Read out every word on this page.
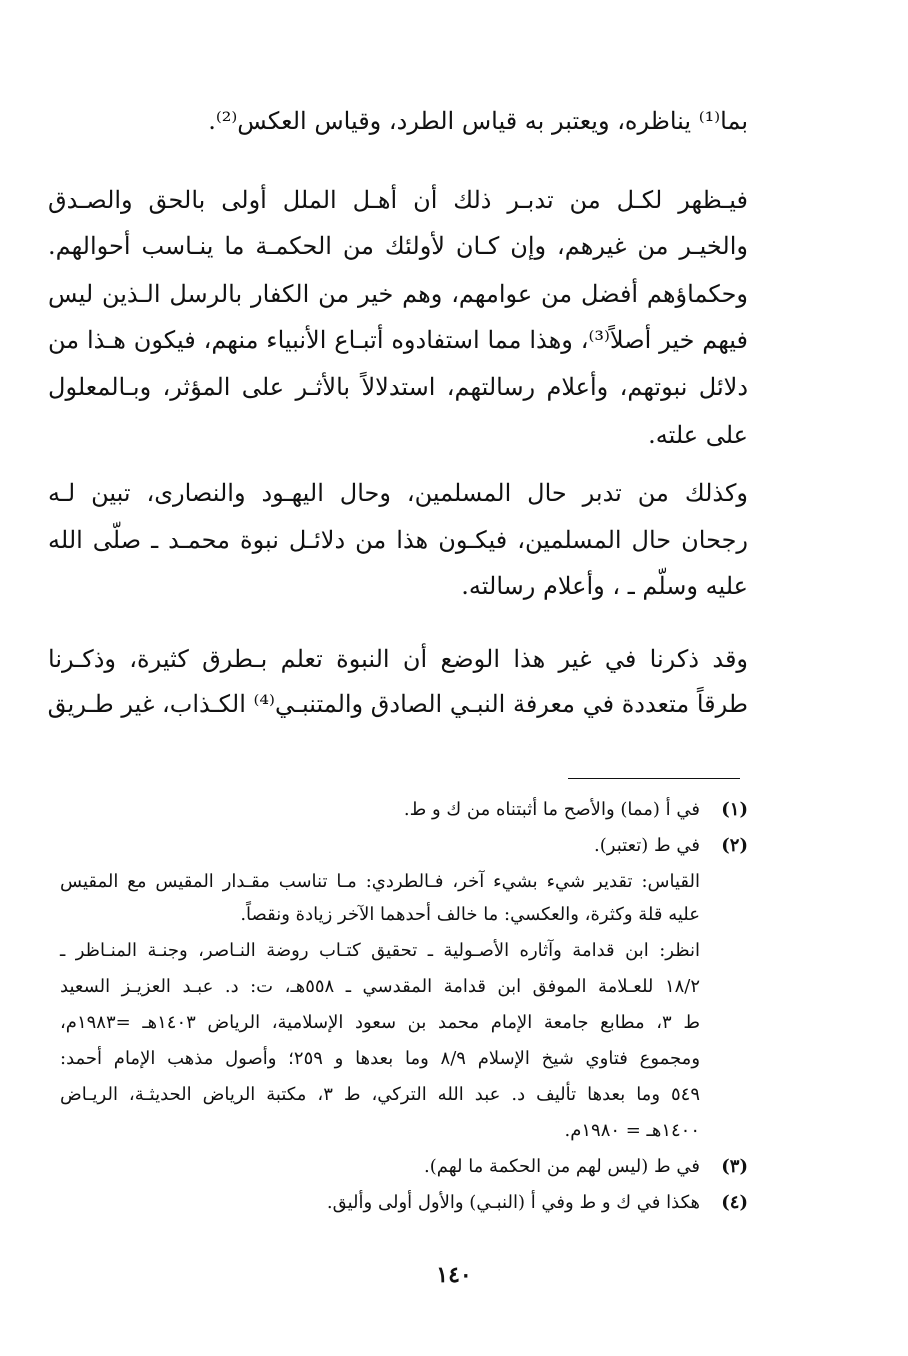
بما⁽¹⁾ يناظره، ويعتبر به قياس الطرد، وقياس العكس⁽²⁾.
فيـظهر لكـل من تدبـر ذلك أن أهـل الملل أولى بالحق والصـدق
والخيـر من غيرهم، وإن كـان لأولئك من الحكمـة ما ينـاسب أحوالهم.
وحكماؤهم أفضل من عوامهم، وهم خير من الكفار بالرسل الـذين ليس
فيهم خير أصلاً⁽³⁾، وهذا مما استفادوه أتبـاع الأنبياء منهم، فيكون هـذا من
دلائل نبوتهم، وأعلام رسالتهم، استدلالاً بالأثـر على المؤثر، وبـالمعلول
على علته.
وكذلك من تدبر حال المسلمين، وحال اليهـود والنصارى، تبين لـه
رجحان حال المسلمين، فيكـون هذا من دلائـل نبوة محمـد ـ صلّى الله
عليه وسلّم ـ ، وأعلام رسالته.
وقد ذكرنا في غير هذا الوضع أن النبوة تعلم بـطرق كثيرة، وذكـرنا
طرقاً متعددة في معرفة النبـي الصادق والمتنبـي⁽⁴⁾ الكـذاب، غير طـريق
(١)
في أ (مما) والأصح ما أثبتناه من ك و ط.
(٢)
في ط (تعتبر).
القياس: تقدير شيء بشيء آخر، فـالطردي: مـا تناسب مقـدار المقيس مع المقيس
عليه قلة وكثرة، والعكسي: ما خالف أحدهما الآخر زيادة ونقصاً.
انظر: ابن قدامة وآثاره الأصـولية ـ تحقيق كتـاب روضة النـاصر، وجنـة المنـاظر ـ
١٨/٢ للعـلامة الموفق ابن قدامة المقدسي ـ ٥٥٨هـ، ت: د. عبـد العزيـز السعيد
ط ٣، مطابع جامعة الإمام محمد بن سعود الإسلامية، الرياض ١٤٠٣هـ =١٩٨٣م،
ومجموع فتاوي شيخ الإسلام ٨/٩ وما بعدها و ٢٥٩؛ وأصول مذهب الإمام أحمد:
٥٤٩ وما بعدها تأليف د. عبد الله التركي، ط ٣، مكتبة الرياض الحديثـة، الريـاض
١٤٠٠هـ = ١٩٨٠م.
(٣)
في ط (ليس لهم من الحكمة ما لهم).
(٤)
هكذا في ك و ط وفي أ (النبـي) والأول أولى وأليق.
١٤٠
